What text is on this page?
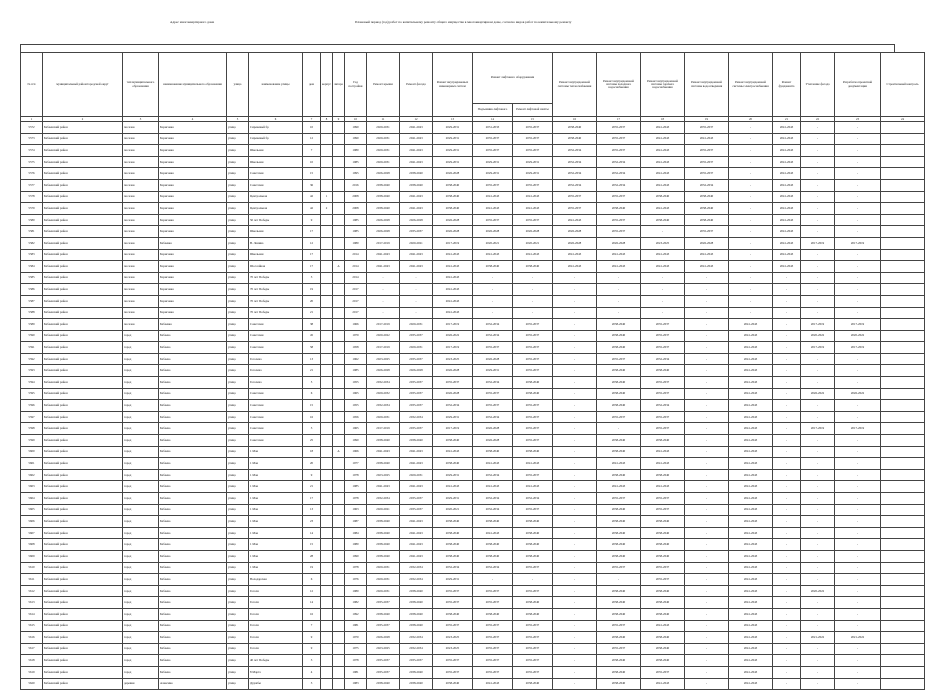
Адрес многоквартирного дома	Плановый период (год) работ по капитальному ремонту общего имущества в многоквартирном доме, согласно видов работ по капитальному ремонту
№ п/п	муниципальный район/городской округ	тип муниципального образования	наименование муниципального образования	улица	наименование улицы	дом	корпус	литера	Год постройки	Ремонт крыши	Ремонт фасада	Ремонт внутридомовых инженерных систем	Ремонт лифтового оборудования		Ремонт внутридомовой системы теплоснабжения	Ремонт внутридомовой системы холодного водоснабжения	Ремонт внутридомовой системы горячего водоснабжения	Ремонт внутридомовой системы водоотведения	Ремонт внутридомовой системы электроснабжения	Ремонт фундамента	Утепление фасада	Разработка проектной документации	Строительный контроль
													Подъемник лифтового	Ремонт лифтовой шахты									
1	2	3	4	5	6	7	8	9	10	11	12	13	14	15	16	17	18	19	20	21	22	23	24
5572	Бабаевский район	поселок	Борисовка	улица	Сиреневый бр	10			1990	2029-2031	2041-2043	2029-2031	2031-2033	2035-2037	2038-2040	2035-2037	2041-2043	2035-2037	-	2041-2043	-	-	
5573	Бабаевский район	поселок	Борисовка	улица	Сиреневый бр	12			1990	2029-2031	2041-2043	2029-2031	2035-2037	2035-2037	2038-2040	2035-2037	2041-2043	2041-2043	-	2041-2043	-	-	
5574	Бабаевский район	поселок	Борисовка	улица	Школьная	7			1980	2029-2031	2041-2043	2029-2031	2035-2037	2035-2037	2032-2034	2035-2037	2041-2043	2035-2037	-	2041-2043	-	-	
5575	Бабаевский район	поселок	Борисовка	улица	Школьная	10			1985	2029-2031	2041-2043	2029-2031	2029-2031	2029-2031	2032-2034	2032-2034	2041-2043	2035-2037	-	2041-2043	-	-	
5576	Бабаевский район	поселок	Борисовка	улица	Советская	15			1995	2026-2028	2038-2040	2026-2028	2029-2031	2029-2031	2032-2034	2032-2034	2041-2043	2035-2037	-	2041-2043	-	-	
5577	Бабаевский район	поселок	Борисовка	улица	Советская	36			2016	2038-2040	2038-2040	2038-2040	2035-2037	2035-2037	2032-2034	2032-2034	2041-2043	2032-2034	-	2041-2043	-	-	
5578	Бабаевский район	поселок	Борисовка	улица	Центральная	42	1		2008	2038-2040	2041-2043	2038-2040	2041-2043	2041-2043	2035-2037	2035-2037	2038-2040	2038-2040	-	2041-2043	-	-	
5579	Бабаевский район	поселок	Борисовка	улица	Центральная	42	2		2008	2038-2040	2041-2043	2038-2040	2041-2043	2041-2043	2035-2037	2038-2040	2041-2043	2038-2040	-	2041-2043	-	-	
5580	Бабаевский район	поселок	Борисовка	улица	50 лет Победы	9			1985	2026-2028	2026-2028	2026-2028	2035-2037	2035-2037	2041-2043	2035-2037	2038-2040	2038-2040	-	2041-2043	-	-	
5581	Бабаевский район	поселок	Борисовка	улица	Школьная	17			1985	2026-2028	2035-2037	2026-2028	2026-2028	2026-2028	2026-2028	2035-2037	-	2035-2037	-	2041-2043	-	-	
5582	Бабаевский район	поселок	Бабаевка	улица	В. Ленина	12			1980	2017-2019	2020-2021	2017-2019	2020-2021	2020-2021	2026-2028	2026-2028	2023-2025	2026-2028	-	2041-2043	2017-2019	2017-2019	
5583	Бабаевский район	поселок	Борисовка	улица	Школьная	17			2014	2041-2043	2041-2043	2041-2043	2041-2043	2041-2043	2041-2043	2041-2043	2041-2043	2041-2043	-	2041-2043	-	-	
5584	Бабаевский район	поселок	Борисовка	улица	Шоссейная	17		А	2014	2041-2043	2041-2043	2041-2043	2038-2040	2038-2040	2041-2043	2041-2043	2041-2043	2041-2043	-	2041-2043	-	-	
5585	Бабаевский район	поселок	Борисовка	улица	70 лет Победы	3			2014	-	-	2041-2043	-	-	-	-	-	-	-	-	-	-	
5586	Бабаевский район	поселок	Борисовка	улица	70 лет Победы	19			2017	-	-	2041-2043	-	-	-	-	-	-	-	-	-	-	
5587	Бабаевский район	поселок	Борисовка	улица	70 лет Победы	20			2017	-	-	2041-2043	-	-	-	-	-	-	-	-	-	-	
5588	Бабаевский район	поселок	Борисовка	улица	70 лет Победы	21			2017	-	-	2041-2043	-	-	-	-	-	-	-	-	-	-	
5589	Бабаевский район	поселок	Бабаевка	улица	Советская	38			1966	2017-2019	2029-2031	2017-2019	2032-2034	2035-2037	-	2038-2040	2035-2037	-	2041-2043	-	2017-2019	2017-2019	
5590	Бабаевский район	город	Бабаево	улица	Советская	45			1979	2020-2022	2035-2037	2026-2022	2032-2034	2035-2037	-	2038-2040	2035-2037	-	2041-2043	-	2020-2022	2020-2022	
5591	Бабаевский район	город	Бабаево	улица	Советская	58			1958	2017-2019	2029-2031	2017-2019	2035-2037	2035-2037	-	2038-2040	2035-2037	-	2041-2043	-	2017-2019	2017-2019	
5592	Бабаевский район	город	Бабаево	улица	Гоголева	13			1962	2023-2025	2035-2037	2023-2025	2026-2028	2035-2037	-	2035-2037	2032-2034	-	2041-2043	-	-	-	
5593	Бабаевский район	город	Бабаево	улица	Гоголева	21			1985	2026-2028	2026-2028	2026-2028	2029-2031	2035-2037	-	2038-2040	2038-2040	-	2041-2043	-	-	-	
5594	Бабаевский район	город	Бабаево	улица	Гоголева	5			1955	2032-2034	2035-2037	2035-2037	2032-2034	2038-2040	-	2038-2040	2035-2037	-	2041-2043	-	-	-	
5595	Бабаевский район	город	Бабаево	улица	Советская	6			1965	2029-2032	2035-2037	2026-2028	2035-2037	2038-2040	-	2038-2040	2035-2037	-	2041-2043	-	2026-2022	2026-2022	
5596	Бабаевский район	город	Бабаево	улица	Советская	15			1955	2032-2034	2035-2037	2032-2034	2035-2037	2035-2037	-	2038-2040	2032-2034	-	2041-2043	-	-	-	
5597	Бабаевский район	город	Бабаево	улица	Советская	16			1956	2029-2031	2032-2034	2029-2031	2032-2034	2035-2037	-	2035-2037	2035-2037	-	2041-2043	-	-	-	
5598	Бабаевский район	город	Бабаево	улица	Советская	3			1965	2017-2019	2035-2037	2017-2019	2026-2028	2035-2037	-	-	2035-2037	-	2041-2043	-	2017-2019	2017-2019	
5599	Бабаевский район	город	Бабаево	улица	Советская	25			1990	2038-2040	2038-2040	2038-2040	2026-2028	2035-2037	-	2038-2040	2038-2040	-	2041-2043	-	-	-	
5600	Бабаевский район	город	Бабаево	улица	1 Мая	18		А	1966	2041-2043	2041-2043	2041-2043	2038-2040	2038-2040	-	2038-2040	2041-2043	-	2041-2043	-	-	-	
5601	Бабаевский район	город	Бабаево	улица	1 Мая	20			1977	2038-2040	2041-2043	2038-2040	2041-2043	2041-2043	-	2041-2043	2041-2043	-	2041-2043	-	-	-	
5602	Бабаевский район	город	Бабаево	улица	1 Мая	9			1978	2023-2025	2029-2031	2029-2031	2032-2034	2035-2037	-	2038-2040	2038-2040	-	2041-2043	-	-	-	
5603	Бабаевский район	город	Бабаево	улица	1 Мая	21			1985	2041-2043	2041-2043	2041-2043	2041-2043	2041-2043	-	2041-2043	2041-2043	-	2041-2043	-	-	-	
5604	Бабаевский район	город	Бабаево	улица	1 Мая	17			1978	2032-2034	2035-2037	2029-2031	2032-2034	2032-2034	-	2035-2037	2035-2037	-	2041-2043	-	-	-	
5605	Бабаевский район	город	Бабаево	улица	1 Мая	13			1963	2020-2021	2035-2037	2020-2021	2032-2034	2035-2037	-	2038-2040	2035-2037	-	2041-2043	-	-	-	
5606	Бабаевский район	город	Бабаево	улица	1 Мая	23			1987	2038-2040	2041-2043	2038-2040	2038-2040	2038-2040	-	2038-2040	2038-2040	-	2041-2043	-	-	-	
5607	Бабаевский район	город	Бабаево	улица	1 Мая	14			1984	2038-2040	2041-2043	2038-2040	2041-2043	2038-2040	-	2038-2040	2038-2040	-	2041-2043	-	-	-	
5608	Бабаевский район	город	Бабаево	улица	1 Мая	15			1980	2038-2040	2041-2043	2038-2040	2038-2040	2038-2040	-	2038-2040	2038-2040	-	2041-2043	-	-	-	
5609	Бабаевский район	город	Бабаево	улица	1 Мая	28			1990	2038-2040	2041-2043	2038-2040	2038-2040	2038-2040	-	2038-2040	2038-2040	-	2041-2043	-	-	-	
5610	Бабаевский район	город	Бабаево	улица	1 Мая	19			1978	2029-2031	2032-2034	2032-2034	2032-2034	2035-2037	-	2035-2037	2035-2037	-	2041-2043	-	-	-	
5611	Бабаевский район	город	Бабаево	улица	Володарская	6			1976	2029-2031	2032-2034	2029-2031	-	-	-	-	2035-2037	-	2041-2043	-	-	-	
5612	Бабаевский район	город	Бабаево	улица	Гоголя	12			1980	2029-2031	2038-2040	2035-2037	2035-2037	2035-2037	-	2038-2040	2038-2040	-	2041-2043	-	2020-2022	-	
5613	Бабаевский район	город	Бабаево	улица	Гоголя	14			1982	2035-2037	2038-2040	2035-2037	2035-2037	2038-2040	-	2038-2040	2038-2040	-	2041-2043	-	-	-	
5614	Бабаевский район	город	Бабаево	улица	Гоголя	16			1992	2038-2040	2038-2040	2038-2040	2038-2040	2038-2040	-	2038-2040	2038-2040	-	2041-2043	-	-	-	
5615	Бабаевский район	город	Бабаево	улица	Гоголя	7			1981	2035-2037	2038-2040	2035-2037	2035-2037	2035-2037	-	2035-2037	2041-2043	-	2041-2043	-	-	-	
5616	Бабаевский район	город	Бабаево	улица	Гоголя	9			1970	2026-2028	2032-2034	2023-2025	2035-2037	2035-2037	-	2038-2040	2038-2040	-	2041-2043	-	2021-2022	2021-2022	
5617	Бабаевский район	город	Бабаево	улица	Гоголя	9			1975	2023-2025	2032-2034	2023-2025	2035-2037	2035-2037	-	2035-2037	2038-2040	-	2041-2043	-	-	-	
5618	Бабаевский район	город	Бабаево	улица	40 лет Победы	3			1978	2035-2037	2035-2037	2035-2037	2035-2037	2035-2037	-	2038-2040	2038-2040	-	2041-2043	-	-	-	
5619	Бабаевский район	город	Бабаево	улица	8 Марта	4			1981	2035-2037	2038-2040	2035-2037	2035-2037	2035-2037	-	2038-2040	2035-2037	-	2041-2043	-	-	-	
5620	Бабаевский район	деревня	Алексино	улица	Дружбы	3			1983	2038-2040	2038-2040	2038-2040	2041-2043	2038-2040	-	2038-2040	2041-2043	-	2041-2043	-	-	-	
